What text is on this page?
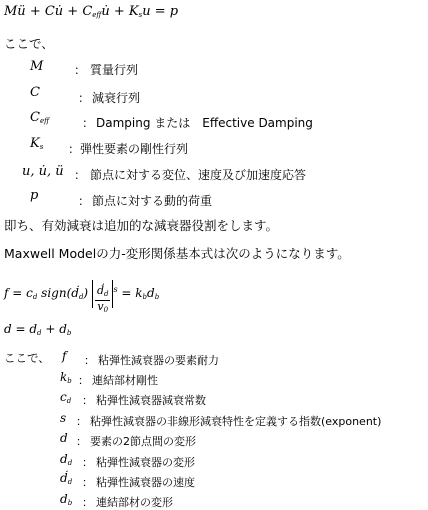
Mü + Cu̇ + $C_{eff}u̇ + K_su = p$
ここで、
M	： 質量行列
C	： 減衰行列
$C_{eff}$	： Damping または　Effective Damping
$K_s$ ： 弾性要素の剛性行列
u, u̇, ü ： 節点に対する変位、速度及び加速度応答
p	： 節点に対する動的荷重
即ち、有効減衰は追加的な減衰器役割をします。
Maxwell Modelの力-変形関係基本式は次のようになります。
$f = c_d$ sign(ḋ$_d$) $\frac{ḋ_d}{v_0} ^s = k_bd_b$
$d = d_d + d_b$
ここで、 f ： 粘弾性減衰器の要素耐力
$k_b$ ： 連結部材剛性
$c_d$ ： 粘弾性減衰器減衰常数
s ： 粘弾性減衰器の非線形減衰特性を定義する指数(exponent)
d ： 要素の2節点間の変形
$d_d$ ： 粘弾性減衰器の変形
ḋ$_d$ ： 粘弾性減衰器の速度
$d_b$ ： 連結部材の変形
